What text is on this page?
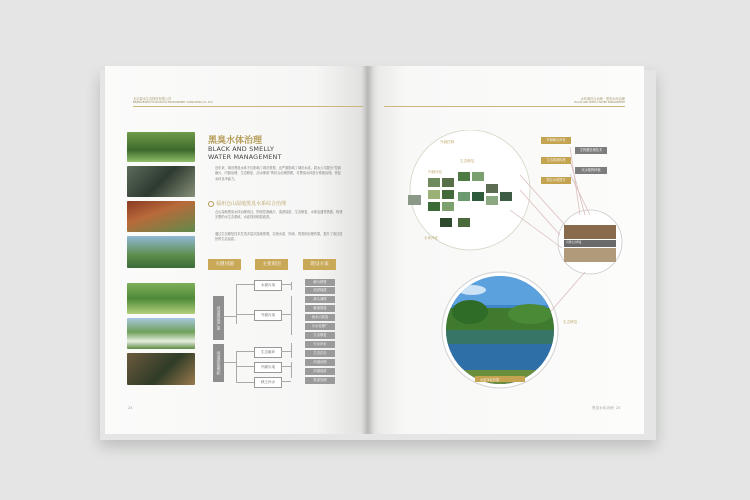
北京碧水生态科技有限公司
BEIJING BISHUI ECOLOGICAL ENVIRONMENT CONSULTING CO., LTD.
黑臭水体治理
BLACK AND SMELLY
WATER MANAGEMENT
近年来，城市黑臭水体不仅影响了城市景观，也严重影响了城市水质。碧水公司提出“控源截污、内源治理、生态修复、活水保质”的综合治理思路，对黑臭水体进行系统治理，恢复水体自净能力。
福州仓山湿地黑臭水系综合治理
仓山湿地黑臭水体治理项目，围绕控源截污、清淤疏浚、生态修复、水系连通等措施，构建完整的水生态系统，水质得到明显改善。
通过生态修复技术打造多层次湿地景观，实现水清、岸绿、景美的治理效果，提升了周边居民的生活品质。
关键问题	主要原因	建设方案
河道黑臭严重
河道淤泥堆积
水源污染
外源污染
生态破坏
内源污染
缺乏补水
截污纳管
清淤疏浚
源头减排
截流管道
雨水口改造
污水处理厂
生态修复
引水补水
生态浮岛
河道治理
河道清淤
底泥处理
24
水环境综合治理 · 黑臭水体治理
BLACK AND SMELLY WATER MANAGEMENT
外源控制
内源净化
生态修复
水体净化
外源截污净化
生物膜处理技术
生态系统构建
沉水植物种植
原位水质提升
河道生态修复
生态修复
水质净化效果
黑臭水体治理 25
